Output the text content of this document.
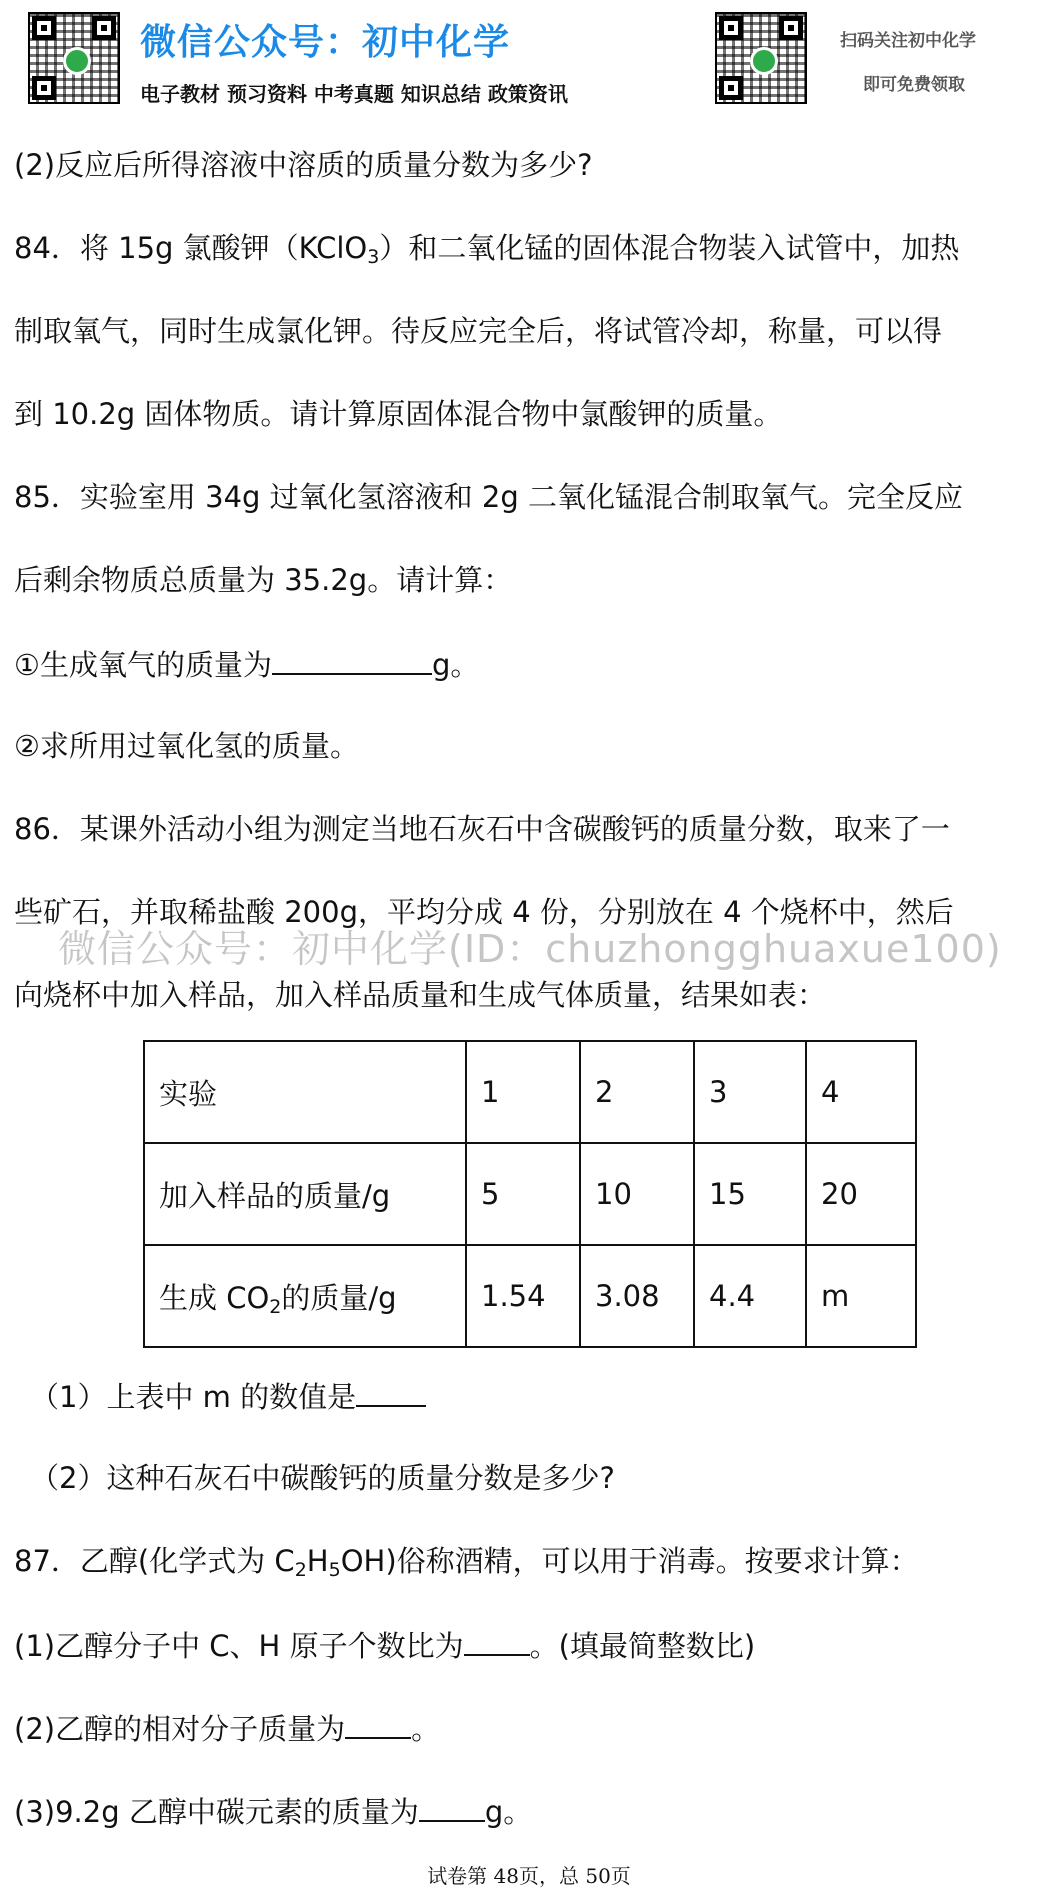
微信公众号：初中化学
电子教材 预习资料 中考真题 知识总结 政策资讯
扫码关注初中化学
即可免费领取
(2)反应后所得溶液中溶质的质量分数为多少?
84．将 15g 氯酸钾（KClO$_3$）和二氧化锰的固体混合物装入试管中，加热
制取氧气，同时生成氯化钾。待反应完全后，将试管冷却，称量，可以得
到 10.2g 固体物质。请计算原固体混合物中氯酸钾的质量。
85．实验室用 34g 过氧化氢溶液和 2g 二氧化锰混合制取氧气。完全反应
后剩余物质总质量为 35.2g。请计算：
①生成氧气的质量为	g。
②求所用过氧化氢的质量。
86．某课外活动小组为测定当地石灰石中含碳酸钙的质量分数，取来了一
些矿石，并取稀盐酸 200g，平均分成 4 份，分别放在 4 个烧杯中，然后
向烧杯中加入样品，加入样品质量和生成气体质量，结果如表：
微信公众号：初中化学(ID：chuzhongghuaxue100)
实验	1	2	3	4
加入样品的质量/g	5	10	15	20
生成 $CO_2$的质量/g	1.54	3.08	4.4	m
（1）上表中 m 的数值是
（2）这种石灰石中碳酸钙的质量分数是多少?
87．乙醇(化学式为 $C_2H_5OH$)俗称酒精，可以用于消毒。按要求计算：
(1)乙醇分子中 C、H 原子个数比为 。(填最简整数比)
(2)乙醇的相对分子质量为 。
(3)9.2g 乙醇中碳元素的质量为 g。
试卷第 48页，总 50页
